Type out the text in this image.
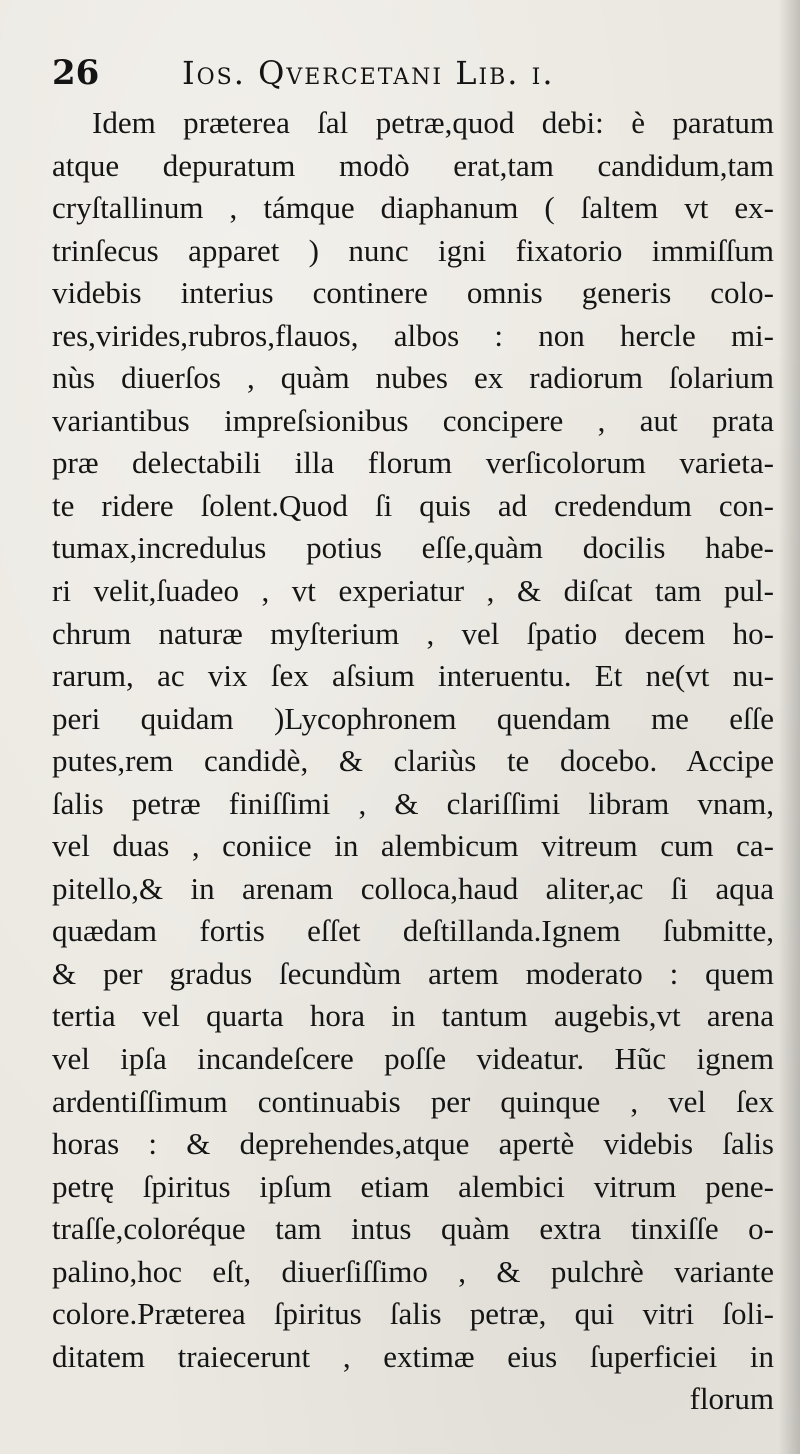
26	Ios. Qvercetani Lib. i.
Idem præterea ſal petræ,quod debi: è paratum
atque depuratum modò erat,tam candidum,tam
cryſtallinum , támque diaphanum ( ſaltem vt ex-
trinſecus apparet ) nunc igni fixatorio immiſſum
videbis interius continere omnis generis colo-
res,virides,rubros,flauos, albos : non hercle mi-
nùs diuerſos , quàm nubes ex radiorum ſolarium
variantibus impreſsionibus concipere , aut prata
præ delectabili illa florum verſicolorum varieta-
te ridere ſolent.Quod ſi quis ad credendum con-
tumax,incredulus potius eſſe,quàm docilis habe-
ri velit,ſuadeo , vt experiatur , & diſcat tam pul-
chrum naturæ myſterium , vel ſpatio decem ho-
rarum, ac vix ſex aſsium interuentu. Et ne(vt nu-
peri quidam )Lycophronem quendam me eſſe
putes,rem candidè, & clariùs te docebo. Accipe
ſalis petræ finiſſimi , & clariſſimi libram vnam,
vel duas , coniice in alembicum vitreum cum ca-
pitello,& in arenam colloca,haud aliter,ac ſi aqua
quædam fortis eſſet deſtillanda.Ignem ſubmitte,
& per gradus ſecundùm artem moderato : quem
tertia vel quarta hora in tantum augebis,vt arena
vel ipſa incandeſcere poſſe videatur. Hũc ignem
ardentiſſimum continuabis per quinque , vel ſex
horas : & deprehendes,atque apertè videbis ſalis
petrę ſpiritus ipſum etiam alembici vitrum pene-
traſſe,coloréque tam intus quàm extra tinxiſſe o-
palino,hoc eſt, diuerſiſſimo , & pulchrè variante
colore.Præterea ſpiritus ſalis petræ, qui vitri ſoli-
ditatem traiecerunt , extimæ eius ſuperficiei in
florum
